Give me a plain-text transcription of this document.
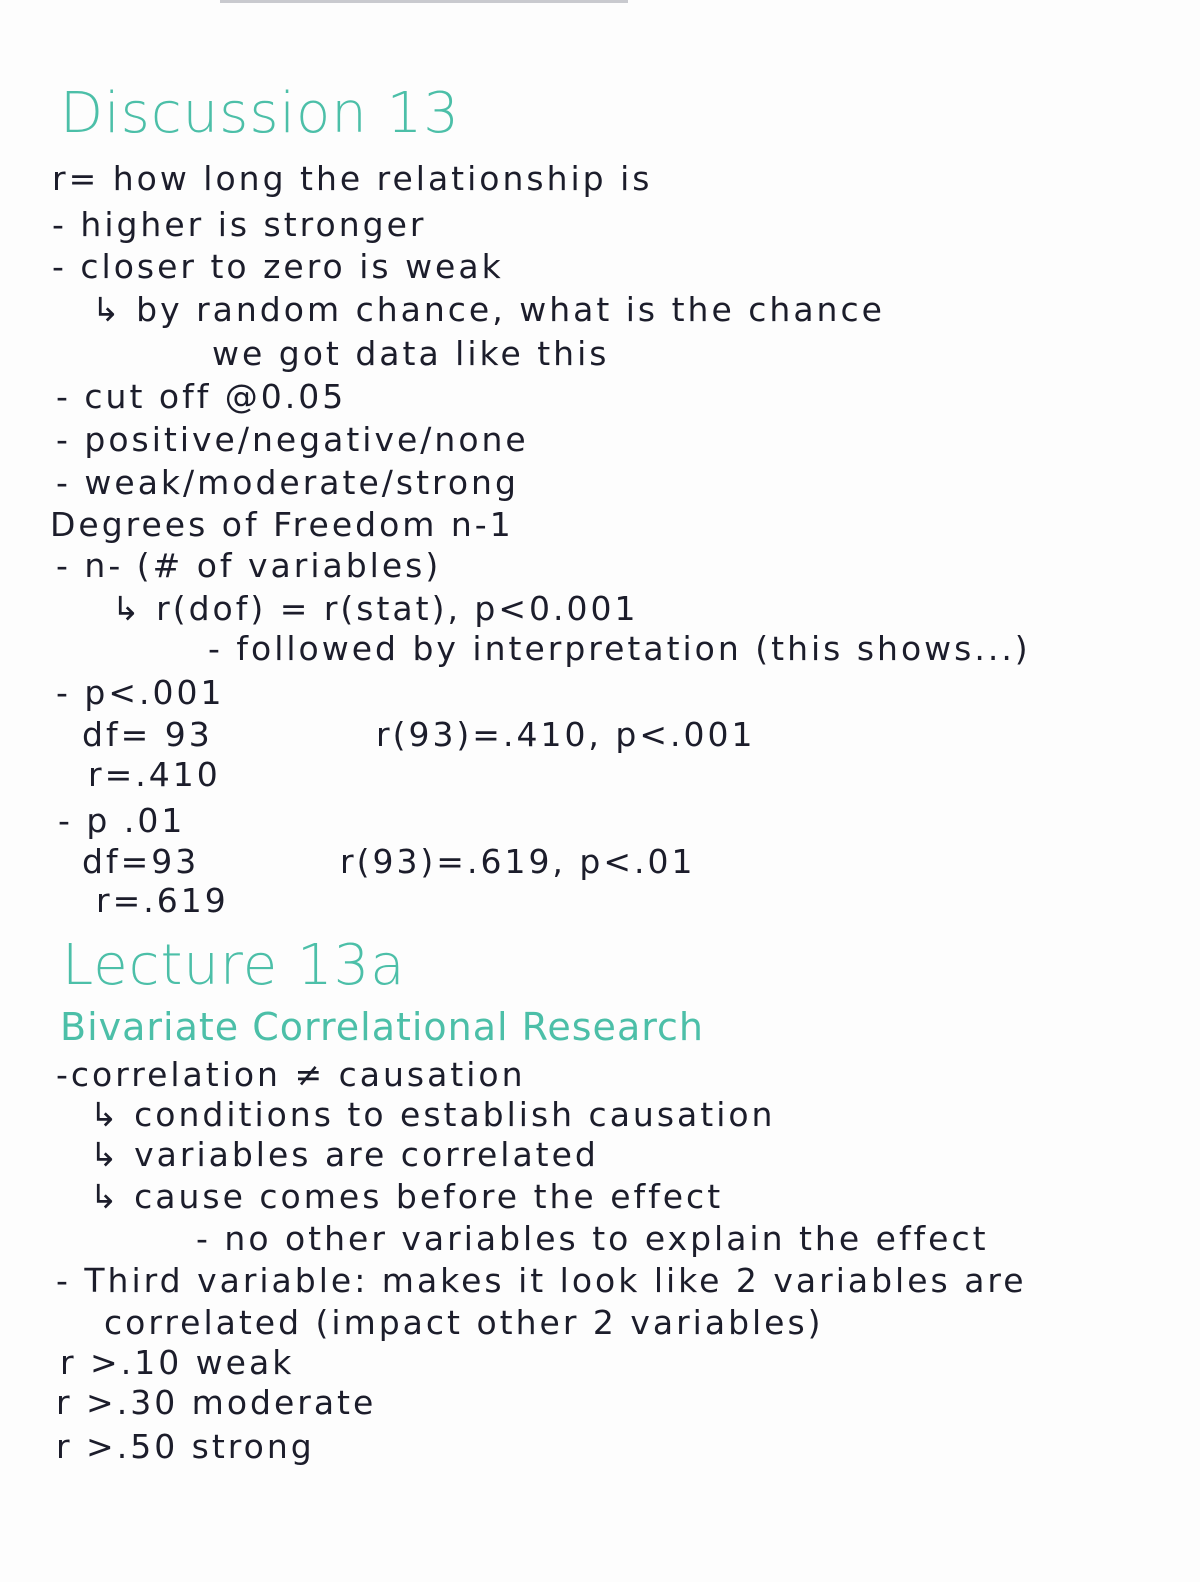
Discussion 13
r= how long the relationship is
- higher is stronger
- closer to zero is weak
↳ by random chance, what is the chance
we got data like this
- cut off @0.05
- positive/negative/none
- weak/moderate/strong
Degrees of Freedom n-1
- n- (# of variables)
↳ r(dof) = r(stat), p<0.001
- followed by interpretation (this shows...)
- p<.001
df= 93	r(93)=.410, p<.001
r=.410
- p .01
df=93	r(93)=.619, p<.01
r=.619
Lecture 13a
Bivariate Correlational Research
-correlation ≠ causation
↳ conditions to establish causation
↳ variables are correlated
↳ cause comes before the effect
- no other variables to explain the effect
- Third variable: makes it look like 2 variables are
correlated (impact other 2 variables)
r >.10 weak
r >.30 moderate
r >.50 strong
